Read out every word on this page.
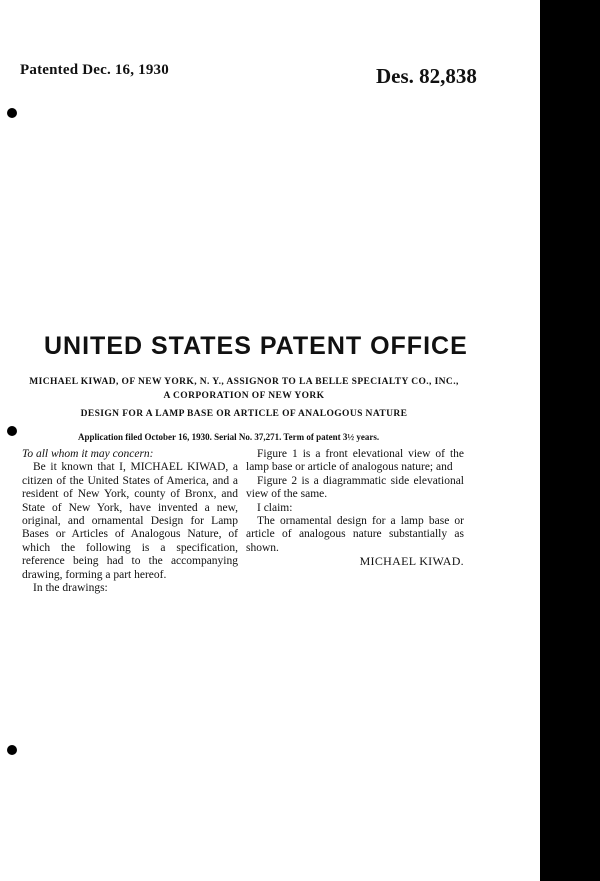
Patented Dec. 16, 1930	Des. 82,838
UNITED STATES PATENT OFFICE
MICHAEL KIWAD, OF NEW YORK, N. Y., ASSIGNOR TO LA BELLE SPECIALTY CO., INC.,
A CORPORATION OF NEW YORK
DESIGN FOR A LAMP BASE OR ARTICLE OF ANALOGOUS NATURE
Application filed October 16, 1930. Serial No. 37,271. Term of patent 3½ years.

To all whom it may concern:

Be it known that I, MICHAEL KIWAD, a citizen of the United States of America, and a resident of New York, county of Bronx, and State of New York, have invented a new, original, and ornamental Design for Lamp Bases or Articles of Analogous Nature, of which the following is a specification, reference being had to the accompanying drawing, forming a part hereof.

In the drawings:

Figure 1 is a front elevational view of the lamp base or article of analogous nature; and

Figure 2 is a diagrammatic side elevational view of the same.

I claim:

The ornamental design for a lamp base or article of analogous nature substantially as shown.

MICHAEL KIWAD.
